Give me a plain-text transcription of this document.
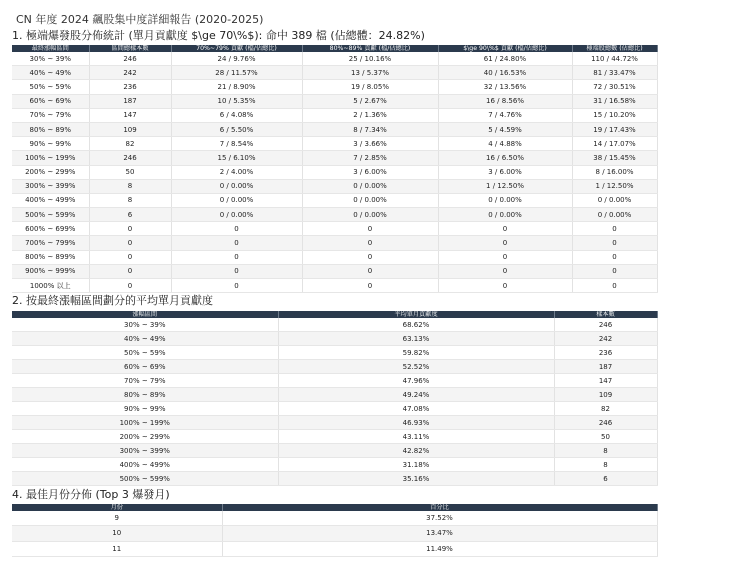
CN 年度 2024 飆股集中度詳細報告 (2020-2025)
1. 極端爆發股分佈統計 (單月貢獻度 $\ge 70\%$): 命中 389 檔 (佔總體：24.82%)
最終漲幅區間	區間總樣本數	70%~79% 貢獻 (檔/佔總比)	80%~89% 貢獻 (檔/佔總比)	$\ge 90\%$ 貢獻 (檔/佔總比)	極端股總數 (佔總比)
30% ~ 39%	246	24 / 9.76%	25 / 10.16%	61 / 24.80%	110 / 44.72%
40% ~ 49%	242	28 / 11.57%	13 / 5.37%	40 / 16.53%	81 / 33.47%
50% ~ 59%	236	21 / 8.90%	19 / 8.05%	32 / 13.56%	72 / 30.51%
60% ~ 69%	187	10 / 5.35%	5 / 2.67%	16 / 8.56%	31 / 16.58%
70% ~ 79%	147	6 / 4.08%	2 / 1.36%	7 / 4.76%	15 / 10.20%
80% ~ 89%	109	6 / 5.50%	8 / 7.34%	5 / 4.59%	19 / 17.43%
90% ~ 99%	82	7 / 8.54%	3 / 3.66%	4 / 4.88%	14 / 17.07%
100% ~ 199%	246	15 / 6.10%	7 / 2.85%	16 / 6.50%	38 / 15.45%
200% ~ 299%	50	2 / 4.00%	3 / 6.00%	3 / 6.00%	8 / 16.00%
300% ~ 399%	8	0 / 0.00%	0 / 0.00%	1 / 12.50%	1 / 12.50%
400% ~ 499%	8	0 / 0.00%	0 / 0.00%	0 / 0.00%	0 / 0.00%
500% ~ 599%	6	0 / 0.00%	0 / 0.00%	0 / 0.00%	0 / 0.00%
600% ~ 699%	0	0	0	0	0
700% ~ 799%	0	0	0	0	0
800% ~ 899%	0	0	0	0	0
900% ~ 999%	0	0	0	0	0
1000% 以上	0	0	0	0	0
2. 按最終漲幅區間劃分的平均單月貢獻度
漲幅區間	平均單月貢獻度	樣本數
30% ~ 39%	68.62%	246
40% ~ 49%	63.13%	242
50% ~ 59%	59.82%	236
60% ~ 69%	52.52%	187
70% ~ 79%	47.96%	147
80% ~ 89%	49.24%	109
90% ~ 99%	47.08%	82
100% ~ 199%	46.93%	246
200% ~ 299%	43.11%	50
300% ~ 399%	42.82%	8
400% ~ 499%	31.18%	8
500% ~ 599%	35.16%	6
4. 最佳月份分佈 (Top 3 爆發月)
月份	百分比
9	37.52%
10	13.47%
11	11.49%
